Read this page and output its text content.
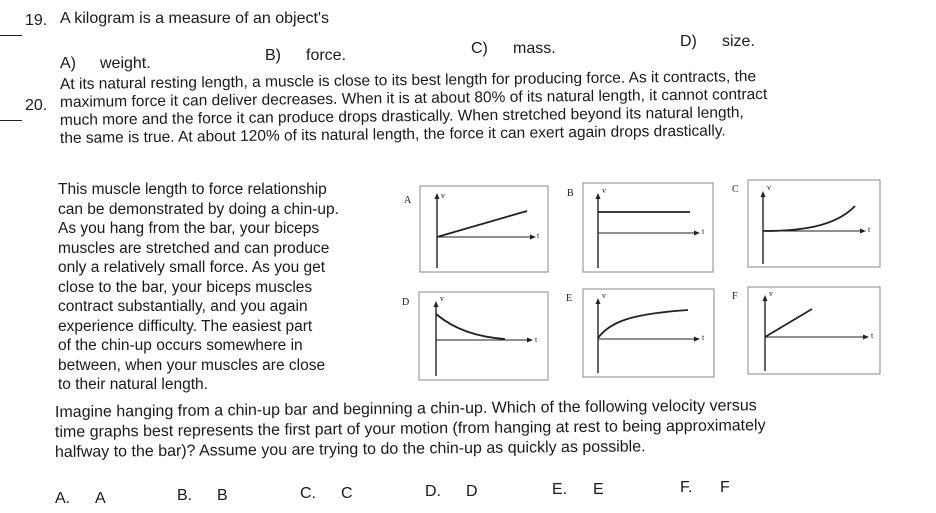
19. A kilogram is a measure of an object's
A) weight.	B) force.	C) mass.	D) size.
20.
At its natural resting length, a muscle is close to its best length for producing force. As it contracts, the
maximum force it can deliver decreases. When it is at about 80% of its natural length, it cannot contract
much more and the force it can produce drops drastically. When stretched beyond its natural length,
the same is true. At about 120% of its natural length, the force it can exert again drops drastically.
This muscle length to force relationship
can be demonstrated by doing a chin-up.
As you hang from the bar, your biceps
muscles are stretched and can produce
only a relatively small force. As you get
close to the bar, your biceps muscles
contract substantially, and you again
experience difficulty. The easiest part
of the chin-up occurs somewhere in
between, when your muscles are close
to their natural length.
A
B	C
D	E	F
v
t
v
t
v
t
v
t
v
t
v
t
Imagine hanging from a chin-up bar and beginning a chin-up. Which of the following velocity versus
time graphs best represents the first part of your motion (from hanging at rest to being approximately
halfway to the bar)? Assume you are trying to do the chin-up as quickly as possible.
A. A	B. B	C. C	D. D	E. E	F. F
